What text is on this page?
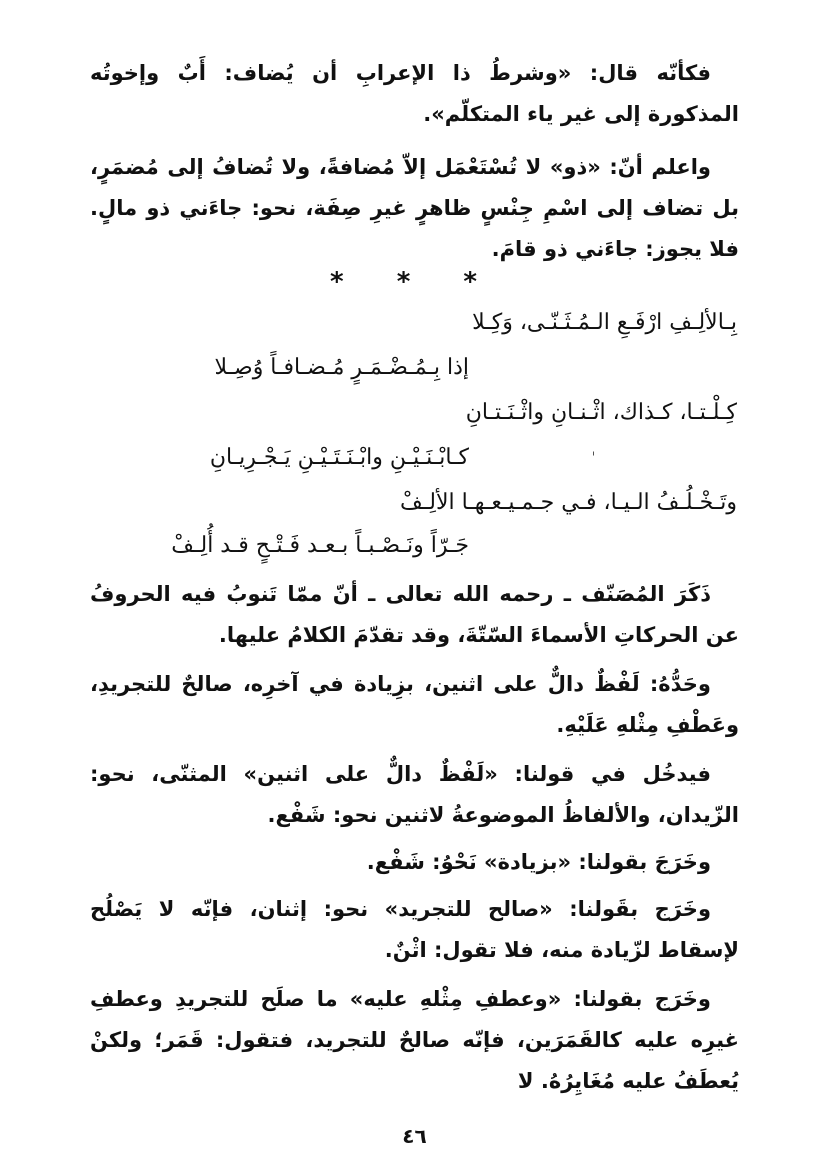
فكأنّه قال: «وشرطُ ذا الإعرابِ أن يُضاف: أَبٌ وإخوتُه المذكورة إلى غير ياء المتكلّم».

واعلم أنّ: «ذو» لا تُسْتَعْمَل إلاّ مُضافةً، ولا تُضافُ إلى مُضمَرٍ، بل تضاف إلى اسْمِ جِنْسٍ ظاهرٍ غيرِ صِفَة، نحو: جاءَني ذو مالٍ. فلا يجوز: جاءَني ذو قامَ.

* * *
بِـالألِـفِ ارْفَـعِ الـمُـثَـنّـى، وَكِـلا
إذا بِـمُـضْـمَـرٍ مُـضـافـاً وُصِـلا
كِـلْـتـا، كـذاك، اثْـنـانِ واثْـنَـتـانِ
كـابْـنَـيْـنِ وابْـنَـتَـيْـنِ يَـجْـرِيـانِ
وتَـخْـلُـفُ الـيـا، فـي جـمـيـعـهـا الألِـفْ
جَـرّاً ونَـصْـبـاً بـعـد فَـتْـحٍ قـد أُلِـفْ

ذَكَرَ المُصَنّف ـ رحمه الله تعالى ـ أنّ ممّا تَنوبُ فيه الحروفُ عن الحركاتِ الأسماءَ السّتّةَ، وقد تقدّمَ الكلامُ عليها.

وحَدُّهُ: لَفْظٌ دالٌّ على اثنين، بزِيادة في آخرِه، صالحٌ للتجريدِ، وعَطْفِ مِثْلهِ عَلَيْهِ.

فيدخُل في قولنا: «لَفْظٌ دالٌّ على اثنين» المثنّى، نحو: الزّيدان، والألفاظُ الموضوعةُ لاثنين نحو: شَفْع.

وخَرَجَ بقولنا: «بزيادة» نَحْوُ: شَفْع.

وخَرَج بقَولنا: «صالح للتجريد» نحو: إثنان، فإنّه لا يَصْلُح لإسقاط لزّيادة منه، فلا تقول: اثْنٌ.

وخَرَج بقولنا: «وعطفِ مِثْلهِ عليه» ما صلَح للتجريدِ وعطفِ غيرِه عليه كالقَمَرَين، فإنّه صالحٌ للتجريد، فتقول: قَمَر؛ ولكنْ يُعطَفُ عليه مُغَايِرُهُ. لا

٤٦
